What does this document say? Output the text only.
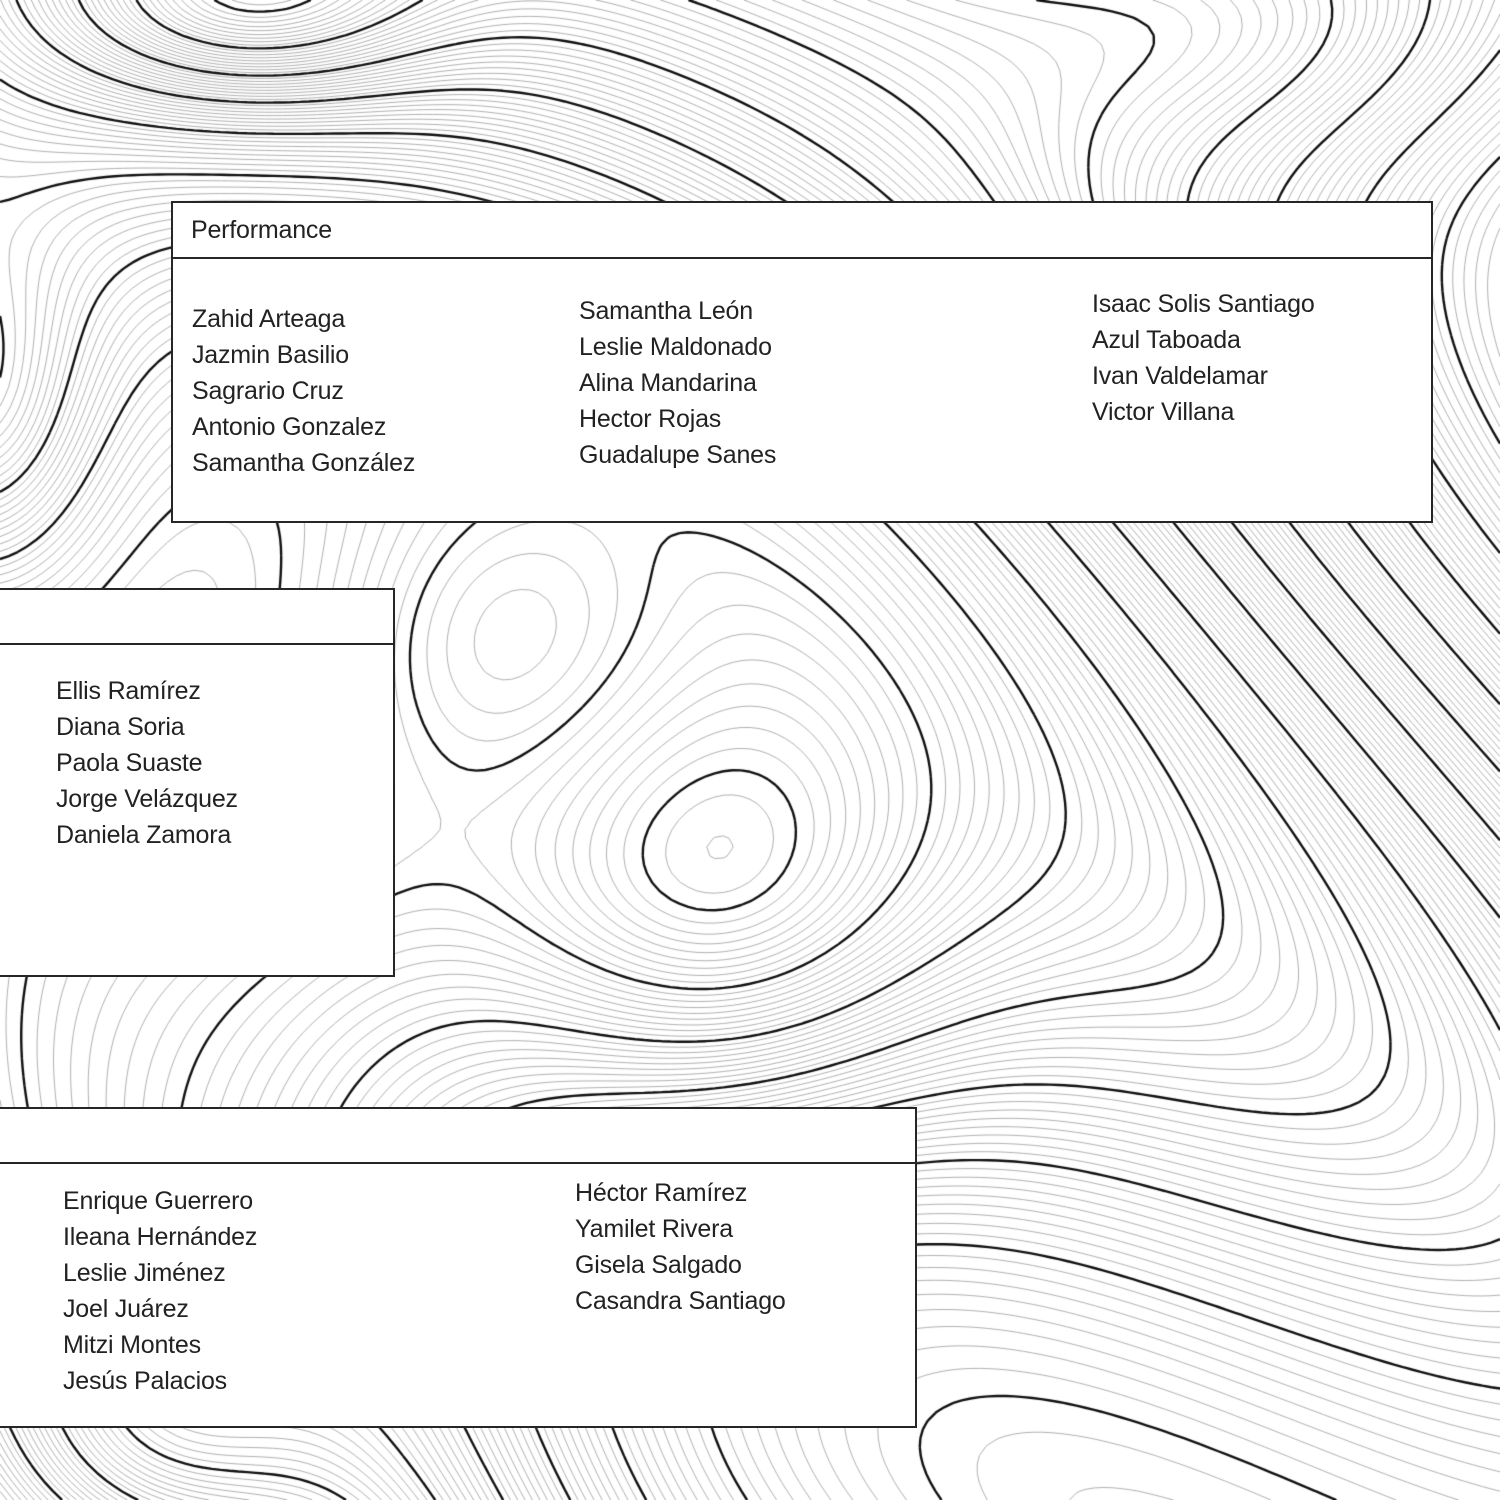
Performance
Zahid Arteaga
Jazmin Basilio
Sagrario Cruz
Antonio Gonzalez
Samantha González
Samantha León
Leslie Maldonado
Alina Mandarina
Hector Rojas
Guadalupe Sanes
Isaac Solis Santiago
Azul Taboada
Ivan Valdelamar
Victor Villana
Ellis Ramírez
Diana Soria
Paola Suaste
Jorge Velázquez
Daniela Zamora
Enrique Guerrero
Ileana Hernández
Leslie Jiménez
Joel Juárez
Mitzi Montes
Jesús Palacios
Héctor Ramírez
Yamilet Rivera
Gisela Salgado
Casandra Santiago
